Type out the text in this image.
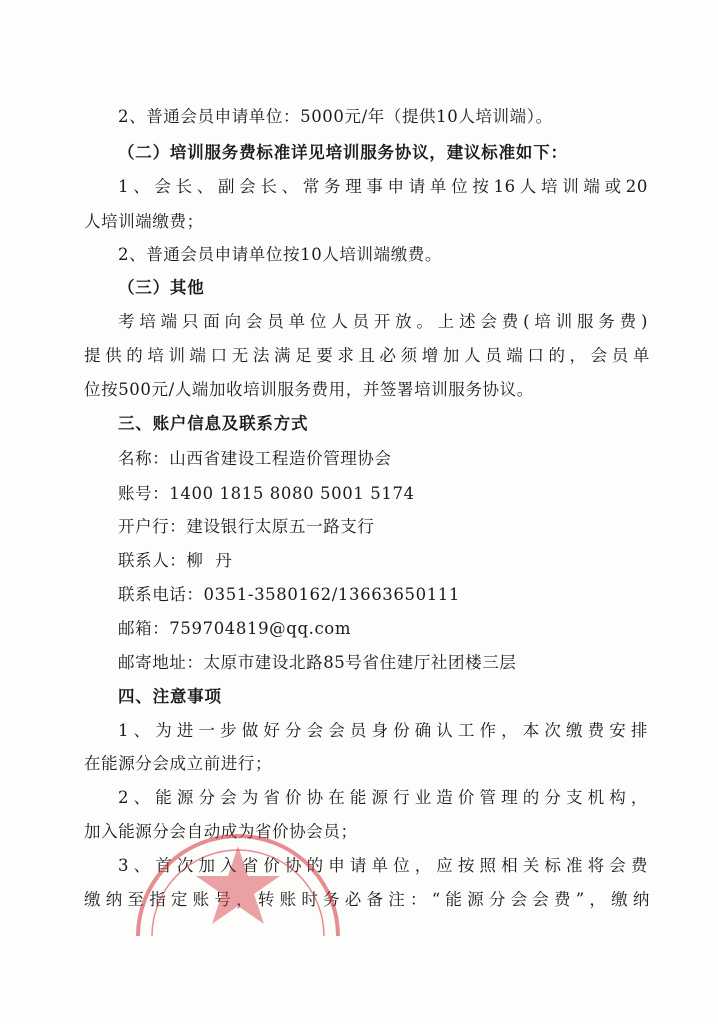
2、普通会员申请单位：5000元/年（提供10人培训端）。
（二）培训服务费标准详见培训服务协议，建议标准如下：
1、会长、副会长、常务理事申请单位按16人培训端或20
人培训端缴费；
2、普通会员申请单位按10人培训端缴费。
（三）其他
考培端只面向会员单位人员开放。上述会费(培训服务费)
提供的培训端口无法满足要求且必须增加人员端口的，会员单
位按500元/人端加收培训服务费用，并签署培训服务协议。
三、账户信息及联系方式
名称：山西省建设工程造价管理协会
账号：1400 1815 8080 5001 5174
开户行：建设银行太原五一路支行
联系人：柳  丹
联系电话：0351-3580162/13663650111
邮箱：759704819@qq.com
邮寄地址：太原市建设北路85号省住建厅社团楼三层
四、注意事项
1、为进一步做好分会会员身份确认工作，本次缴费安排
在能源分会成立前进行；
2、能源分会为省价协在能源行业造价管理的分支机构，
加入能源分会自动成为省价协会员；
3、首次加入省价协的申请单位，应按照相关标准将会费
缴纳至指定账号，转账时务必备注：“能源分会会费”，缴纳
